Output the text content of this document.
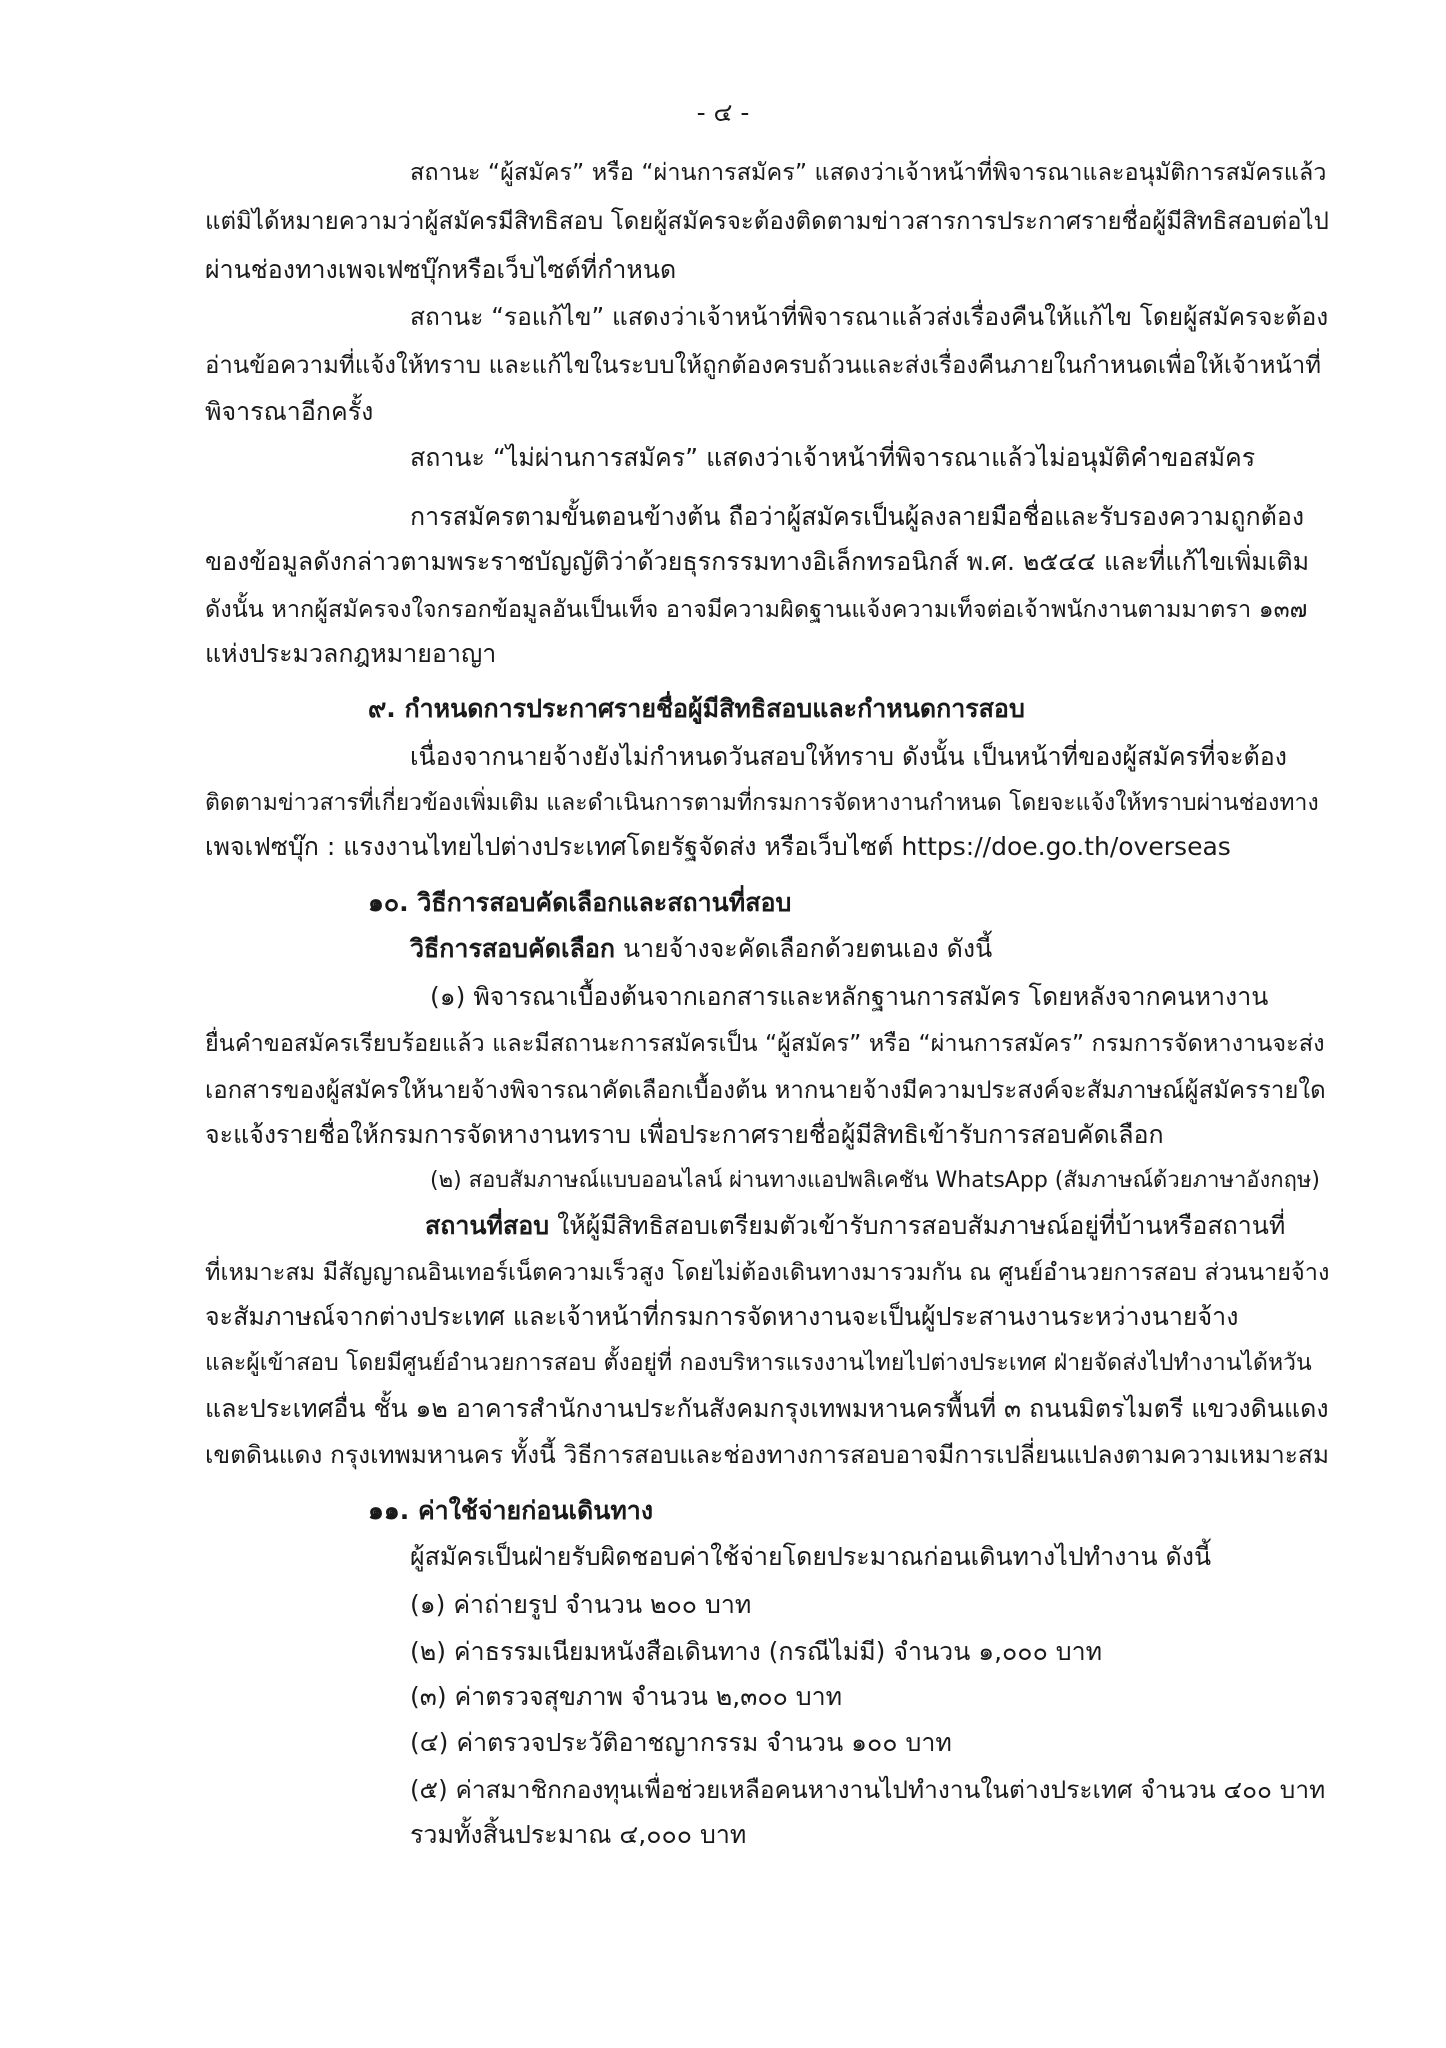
- ๔ -
สถานะ “ผู้สมัคร” หรือ “ผ่านการสมัคร” แสดงว่าเจ้าหน้าที่พิจารณาและอนุมัติการสมัครแล้ว
แต่มิได้หมายความว่าผู้สมัครมีสิทธิสอบ โดยผู้สมัครจะต้องติดตามข่าวสารการประกาศรายชื่อผู้มีสิทธิสอบต่อไป
ผ่านช่องทางเพจเฟซบุ๊กหรือเว็บไซต์ที่กำหนด
สถานะ “รอแก้ไข” แสดงว่าเจ้าหน้าที่พิจารณาแล้วส่งเรื่องคืนให้แก้ไข โดยผู้สมัครจะต้อง
อ่านข้อความที่แจ้งให้ทราบ และแก้ไขในระบบให้ถูกต้องครบถ้วนและส่งเรื่องคืนภายในกำหนดเพื่อให้เจ้าหน้าที่
พิจารณาอีกครั้ง
สถานะ “ไม่ผ่านการสมัคร” แสดงว่าเจ้าหน้าที่พิจารณาแล้วไม่อนุมัติคำขอสมัคร
การสมัครตามขั้นตอนข้างต้น ถือว่าผู้สมัครเป็นผู้ลงลายมือชื่อและรับรองความถูกต้อง
ของข้อมูลดังกล่าวตามพระราชบัญญัติว่าด้วยธุรกรรมทางอิเล็กทรอนิกส์ พ.ศ. ๒๕๔๔ และที่แก้ไขเพิ่มเติม
ดังนั้น หากผู้สมัครจงใจกรอกข้อมูลอันเป็นเท็จ อาจมีความผิดฐานแจ้งความเท็จต่อเจ้าพนักงานตามมาตรา ๑๓๗
แห่งประมวลกฎหมายอาญา
๙. กำหนดการประกาศรายชื่อผู้มีสิทธิสอบและกำหนดการสอบ
เนื่องจากนายจ้างยังไม่กำหนดวันสอบให้ทราบ ดังนั้น เป็นหน้าที่ของผู้สมัครที่จะต้อง
ติดตามข่าวสารที่เกี่ยวข้องเพิ่มเติม และดำเนินการตามที่กรมการจัดหางานกำหนด โดยจะแจ้งให้ทราบผ่านช่องทาง
เพจเฟซบุ๊ก : แรงงานไทยไปต่างประเทศโดยรัฐจัดส่ง หรือเว็บไซต์ https://doe.go.th/overseas
๑๐. วิธีการสอบคัดเลือกและสถานที่สอบ
วิธีการสอบคัดเลือก นายจ้างจะคัดเลือกด้วยตนเอง ดังนี้
(๑) พิจารณาเบื้องต้นจากเอกสารและหลักฐานการสมัคร โดยหลังจากคนหางาน
ยื่นคำขอสมัครเรียบร้อยแล้ว และมีสถานะการสมัครเป็น “ผู้สมัคร” หรือ “ผ่านการสมัคร” กรมการจัดหางานจะส่ง
เอกสารของผู้สมัครให้นายจ้างพิจารณาคัดเลือกเบื้องต้น หากนายจ้างมีความประสงค์จะสัมภาษณ์ผู้สมัครรายใด
จะแจ้งรายชื่อให้กรมการจัดหางานทราบ เพื่อประกาศรายชื่อผู้มีสิทธิเข้ารับการสอบคัดเลือก
(๒) สอบสัมภาษณ์แบบออนไลน์ ผ่านทางแอปพลิเคชัน WhatsApp (สัมภาษณ์ด้วยภาษาอังกฤษ)
สถานที่สอบ ให้ผู้มีสิทธิสอบเตรียมตัวเข้ารับการสอบสัมภาษณ์อยู่ที่บ้านหรือสถานที่
ที่เหมาะสม มีสัญญาณอินเทอร์เน็ตความเร็วสูง โดยไม่ต้องเดินทางมารวมกัน ณ ศูนย์อำนวยการสอบ ส่วนนายจ้าง
จะสัมภาษณ์จากต่างประเทศ และเจ้าหน้าที่กรมการจัดหางานจะเป็นผู้ประสานงานระหว่างนายจ้าง
และผู้เข้าสอบ โดยมีศูนย์อำนวยการสอบ ตั้งอยู่ที่ กองบริหารแรงงานไทยไปต่างประเทศ ฝ่ายจัดส่งไปทำงานได้หวัน
และประเทศอื่น ชั้น ๑๒ อาคารสำนักงานประกันสังคมกรุงเทพมหานครพื้นที่ ๓ ถนนมิตรไมตรี แขวงดินแดง
เขตดินแดง กรุงเทพมหานคร ทั้งนี้ วิธีการสอบและช่องทางการสอบอาจมีการเปลี่ยนแปลงตามความเหมาะสม
๑๑. ค่าใช้จ่ายก่อนเดินทาง
ผู้สมัครเป็นฝ่ายรับผิดชอบค่าใช้จ่ายโดยประมาณก่อนเดินทางไปทำงาน ดังนี้
(๑) ค่าถ่ายรูป จำนวน ๒๐๐ บาท
(๒) ค่าธรรมเนียมหนังสือเดินทาง (กรณีไม่มี) จำนวน ๑,๐๐๐ บาท
(๓) ค่าตรวจสุขภาพ จำนวน ๒,๓๐๐ บาท
(๔) ค่าตรวจประวัติอาชญากรรม จำนวน ๑๐๐ บาท
(๕) ค่าสมาชิกกองทุนเพื่อช่วยเหลือคนหางานไปทำงานในต่างประเทศ จำนวน ๔๐๐ บาท
รวมทั้งสิ้นประมาณ ๔,๐๐๐ บาท
